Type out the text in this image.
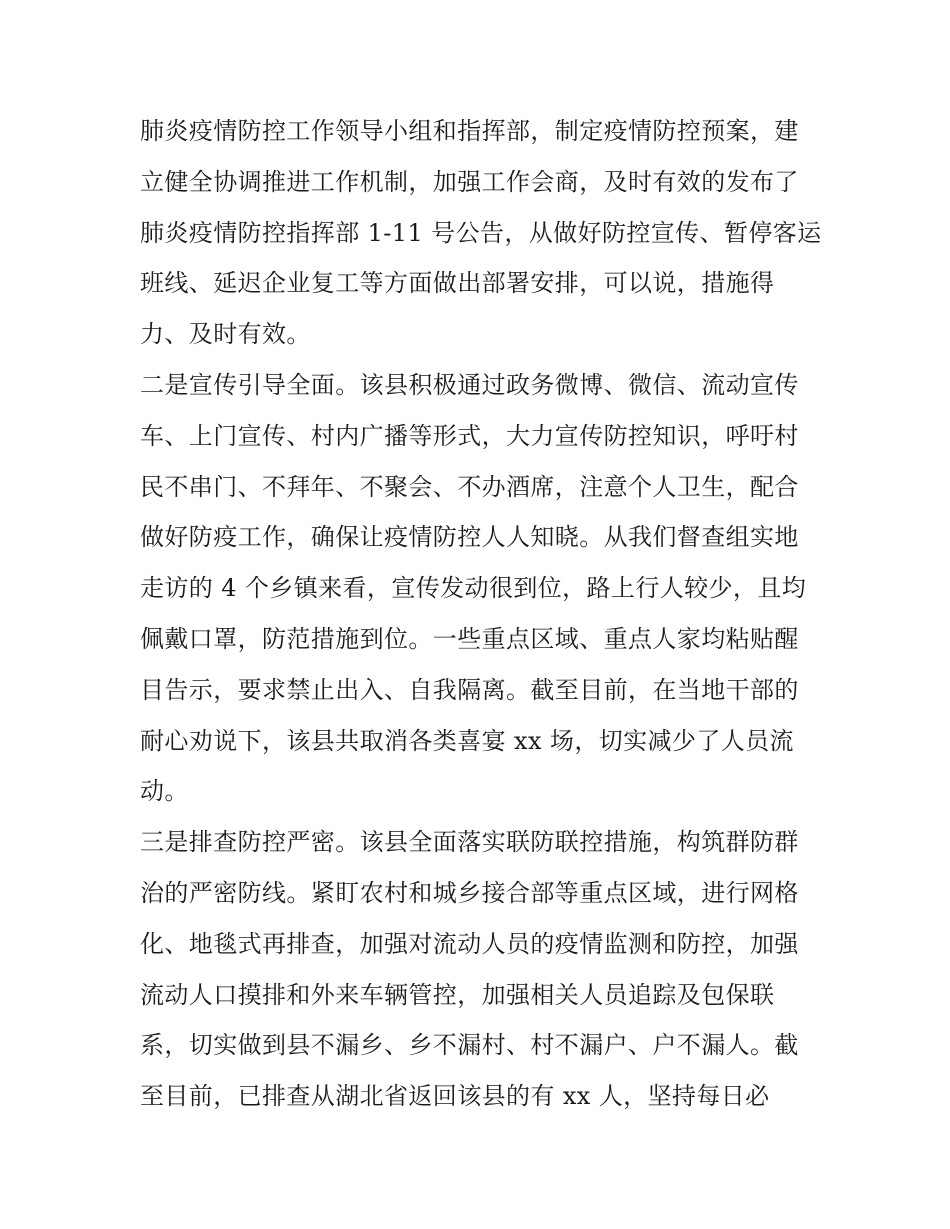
肺炎疫情防控工作领导小组和指挥部，制定疫情防控预案，建
立健全协调推进工作机制，加强工作会商，及时有效的发布了
肺炎疫情防控指挥部 1-11 号公告，从做好防控宣传、暂停客运
班线、延迟企业复工等方面做出部署安排，可以说，措施得
力、及时有效。
二是宣传引导全面。该县积极通过政务微博、微信、流动宣传
车、上门宣传、村内广播等形式，大力宣传防控知识，呼吁村
民不串门、不拜年、不聚会、不办酒席，注意个人卫生，配合
做好防疫工作，确保让疫情防控人人知晓。从我们督查组实地
走访的 4 个乡镇来看，宣传发动很到位，路上行人较少，且均
佩戴口罩，防范措施到位。一些重点区域、重点人家均粘贴醒
目告示，要求禁止出入、自我隔离。截至目前，在当地干部的
耐心劝说下，该县共取消各类喜宴 xx 场，切实减少了人员流
动。
三是排查防控严密。该县全面落实联防联控措施，构筑群防群
治的严密防线。紧盯农村和城乡接合部等重点区域，进行网格
化、地毯式再排查，加强对流动人员的疫情监测和防控，加强
流动人口摸排和外来车辆管控，加强相关人员追踪及包保联
系，切实做到县不漏乡、乡不漏村、村不漏户、户不漏人。截
至目前，已排查从湖北省返回该县的有 xx 人，坚持每日必
